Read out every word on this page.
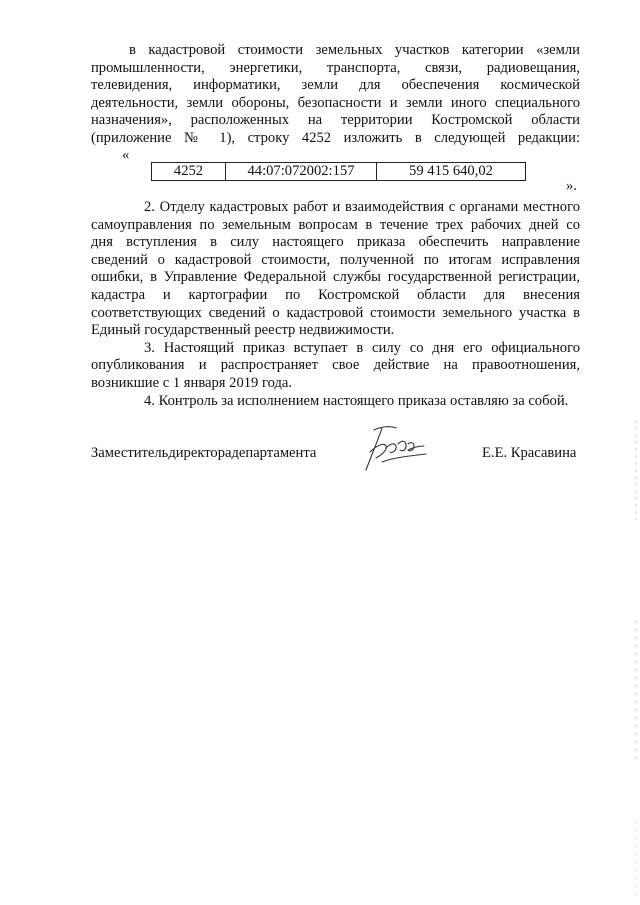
в кадастровой стоимости земельных участков категории «земли
промышленности, энергетики, транспорта, связи, радиовещания,
телевидения, информатики, земли для обеспечения космической
деятельности, земли обороны, безопасности и земли иного специального
назначения», расположенных на территории Костромской области
(приложение № 1), строку 4252 изложить в следующей редакции:
«
4252	44:07:072002:157	59 415 640,02
».
2. Отделу кадастровых работ и взаимодействия с органами местного
самоуправления по земельным вопросам в течение трех рабочих дней со
дня вступления в силу настоящего приказа обеспечить направление
сведений о кадастровой стоимости, полученной по итогам исправления
ошибки, в Управление Федеральной службы государственной регистрации,
кадастра и картографии по Костромской области для внесения
соответствующих сведений о кадастровой стоимости земельного участка в
Единый государственный реестр недвижимости.
3. Настоящий приказ вступает в силу со дня его официального
опубликования и распространяет свое действие на правоотношения,
возникшие с 1 января 2019 года.
4. Контроль за исполнением настоящего приказа оставляю за собой.
Заместительдиректорадепартамента	Е.Е. Красавина
